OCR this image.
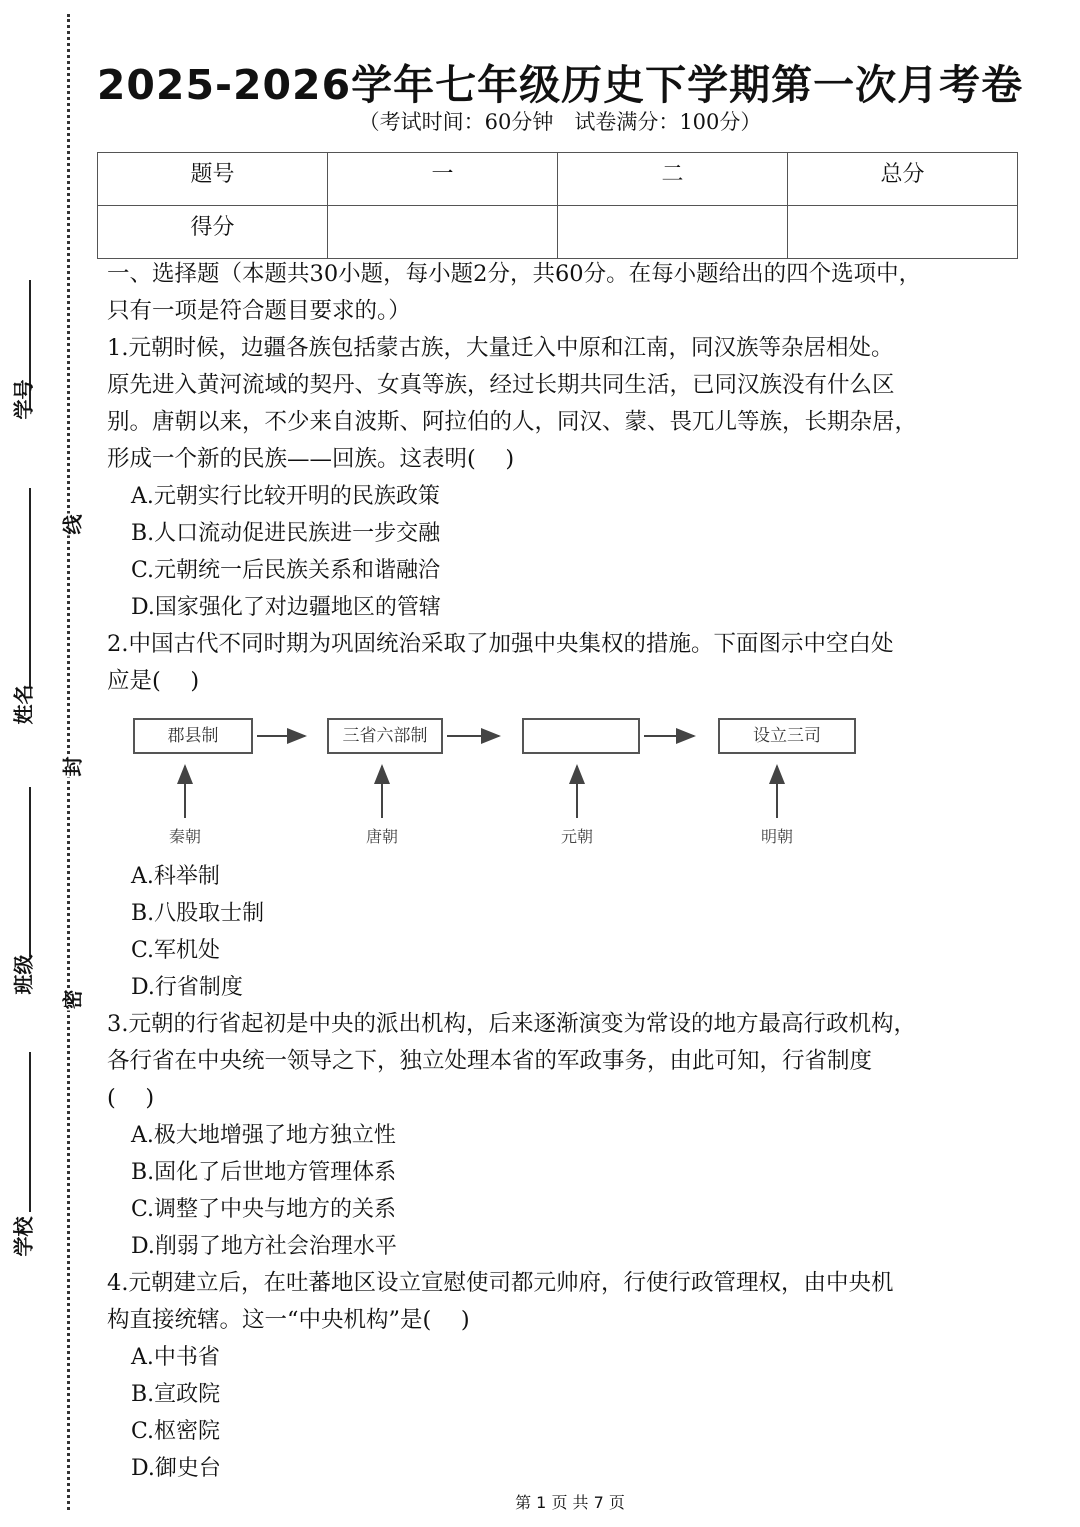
学号
姓名
班级
学校
线
封
密
2025-2026学年七年级历史下学期第一次月考卷
（考试时间：60分钟　试卷满分：100分）
题号	一	二	总分
得分			
一、选择题（本题共30小题，每小题2分，共60分。在每小题给出的四个选项中，
只有一项是符合题目要求的。）
1.元朝时候，边疆各族包括蒙古族，大量迁入中原和江南，同汉族等杂居相处。
原先进入黄河流域的契丹、女真等族，经过长期共同生活，已同汉族没有什么区
别。唐朝以来，不少来自波斯、阿拉伯的人，同汉、蒙、畏兀儿等族，长期杂居，
形成一个新的民族——回族。这表明(　 )
A.元朝实行比较开明的民族政策
B.人口流动促进民族进一步交融
C.元朝统一后民族关系和谐融洽
D.国家强化了对边疆地区的管辖
2.中国古代不同时期为巩固统治采取了加强中央集权的措施。下面图示中空白处
应是(　 )
郡县制	三省六部制	设立三司
秦朝	唐朝	元朝	明朝
A.科举制
B.八股取士制
C.军机处
D.行省制度
3.元朝的行省起初是中央的派出机构，后来逐渐演变为常设的地方最高行政机构，
各行省在中央统一领导之下，独立处理本省的军政事务，由此可知，行省制度
(　 )
A.极大地增强了地方独立性
B.固化了后世地方管理体系
C.调整了中央与地方的关系
D.削弱了地方社会治理水平
4.元朝建立后，在吐蕃地区设立宣慰使司都元帅府，行使行政管理权，由中央机
构直接统辖。这一“中央机构”是(　 )
A.中书省
B.宣政院
C.枢密院
D.御史台
第 1 页 共 7 页
